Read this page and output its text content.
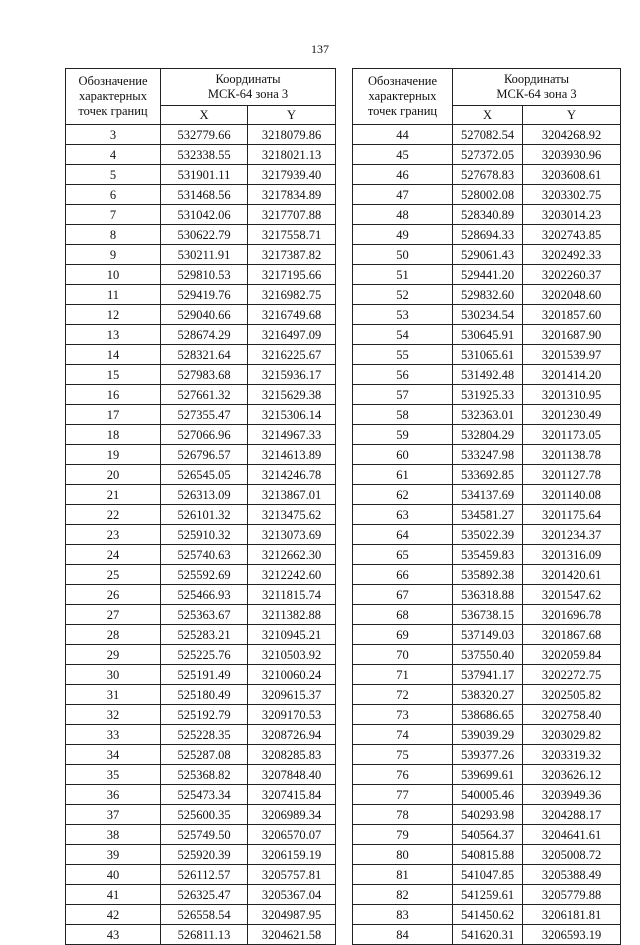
137
Обозначение
характерных
точек границ	Координаты
МСК-64 зона 3	

	X	Y
3	532779.66	3218079.86
4	532338.55	3218021.13
5	531901.11	3217939.40
6	531468.56	3217834.89
7	531042.06	3217707.88
8	530622.79	3217558.71
9	530211.91	3217387.82
10	529810.53	3217195.66
11	529419.76	3216982.75
12	529040.66	3216749.68
13	528674.29	3216497.09
14	528321.64	3216225.67
15	527983.68	3215936.17
16	527661.32	3215629.38
17	527355.47	3215306.14
18	527066.96	3214967.33
19	526796.57	3214613.89
20	526545.05	3214246.78
21	526313.09	3213867.01
22	526101.32	3213475.62
23	525910.32	3213073.69
24	525740.63	3212662.30
25	525592.69	3212242.60
26	525466.93	3211815.74
27	525363.67	3211382.88
28	525283.21	3210945.21
29	525225.76	3210503.92
30	525191.49	3210060.24
31	525180.49	3209615.37
32	525192.79	3209170.53
33	525228.35	3208726.94
34	525287.08	3208285.83
35	525368.82	3207848.40
36	525473.34	3207415.84
37	525600.35	3206989.34
38	525749.50	3206570.07
39	525920.39	3206159.19
40	526112.57	3205757.81
41	526325.47	3205367.04
42	526558.54	3204987.95
43	526811.13	3204621.58
Обозначение
характерных
точек границ	Координаты
МСК-64 зона 3	

	X	Y
44	527082.54	3204268.92
45	527372.05	3203930.96
46	527678.83	3203608.61
47	528002.08	3203302.75
48	528340.89	3203014.23
49	528694.33	3202743.85
50	529061.43	3202492.33
51	529441.20	3202260.37
52	529832.60	3202048.60
53	530234.54	3201857.60
54	530645.91	3201687.90
55	531065.61	3201539.97
56	531492.48	3201414.20
57	531925.33	3201310.95
58	532363.01	3201230.49
59	532804.29	3201173.05
60	533247.98	3201138.78
61	533692.85	3201127.78
62	534137.69	3201140.08
63	534581.27	3201175.64
64	535022.39	3201234.37
65	535459.83	3201316.09
66	535892.38	3201420.61
67	536318.88	3201547.62
68	536738.15	3201696.78
69	537149.03	3201867.68
70	537550.40	3202059.84
71	537941.17	3202272.75
72	538320.27	3202505.82
73	538686.65	3202758.40
74	539039.29	3203029.82
75	539377.26	3203319.32
76	539699.61	3203626.12
77	540005.46	3203949.36
78	540293.98	3204288.17
79	540564.37	3204641.61
80	540815.88	3205008.72
81	541047.85	3205388.49
82	541259.61	3205779.88
83	541450.62	3206181.81
84	541620.31	3206593.19
